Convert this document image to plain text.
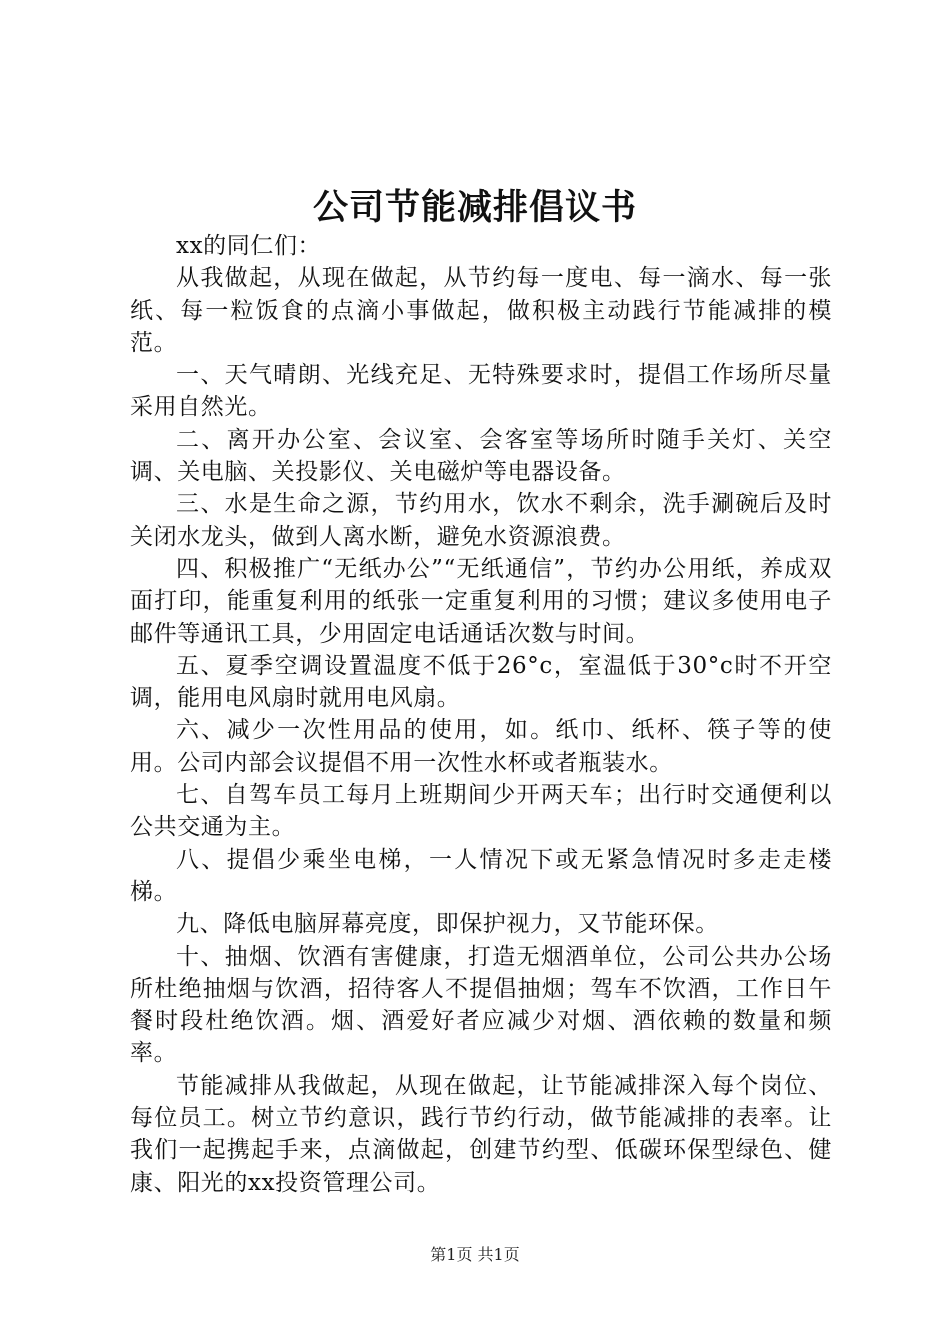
公司节能减排倡议书

xx的同仁们：

从我做起，从现在做起，从节约每一度电、每一滴水、每一张纸、每一粒饭食的点滴小事做起，做积极主动践行节能减排的模范。

一、天气晴朗、光线充足、无特殊要求时，提倡工作场所尽量采用自然光。

二、离开办公室、会议室、会客室等场所时随手关灯、关空调、关电脑、关投影仪、关电磁炉等电器设备。

三、水是生命之源，节约用水，饮水不剩余，洗手涮碗后及时关闭水龙头，做到人离水断，避免水资源浪费。

四、积极推广“无纸办公”“无纸通信”，节约办公用纸，养成双面打印，能重复利用的纸张一定重复利用的习惯；建议多使用电子邮件等通讯工具，少用固定电话通话次数与时间。

五、夏季空调设置温度不低于26°c，室温低于30°c时不开空调，能用电风扇时就用电风扇。

六、减少一次性用品的使用，如。纸巾、纸杯、筷子等的使用。公司内部会议提倡不用一次性水杯或者瓶装水。

七、自驾车员工每月上班期间少开两天车；出行时交通便利以公共交通为主。

八、提倡少乘坐电梯，一人情况下或无紧急情况时多走走楼梯。

九、降低电脑屏幕亮度，即保护视力，又节能环保。

十、抽烟、饮酒有害健康，打造无烟酒单位，公司公共办公场所杜绝抽烟与饮酒，招待客人不提倡抽烟；驾车不饮酒，工作日午餐时段杜绝饮酒。烟、酒爱好者应减少对烟、酒依赖的数量和频率。

节能减排从我做起，从现在做起，让节能减排深入每个岗位、每位员工。树立节约意识，践行节约行动，做节能减排的表率。让我们一起携起手来，点滴做起，创建节约型、低碳环保型绿色、健康、阳光的xx投资管理公司。

第1页 共1页
